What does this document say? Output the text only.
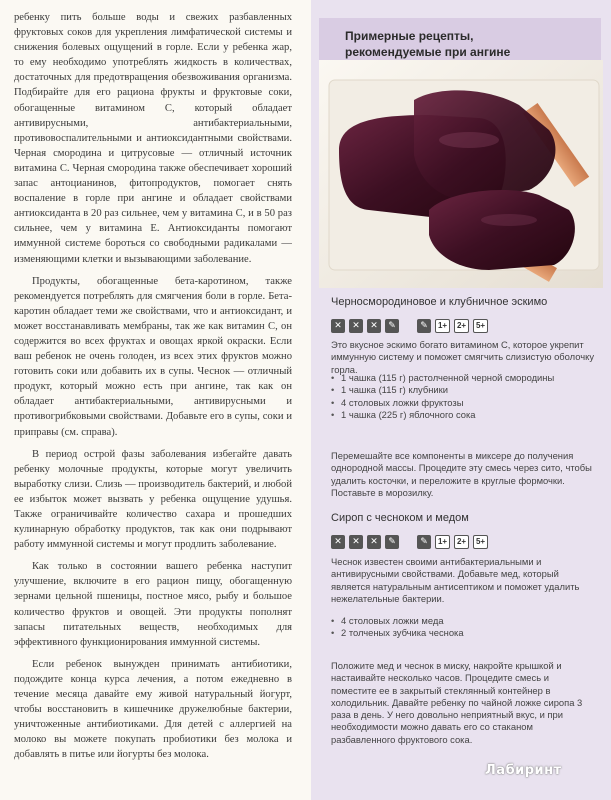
ребенку пить больше воды и свежих разбавленных фруктовых соков для укрепления лимфатической системы и снижения болевых ощущений в горле. Если у ребенка жар, то ему необходимо употреблять жидкость в количествах, достаточных для предотвращения обезвоживания организма. Подбирайте для его рациона фрукты и фруктовые соки, обогащенные витамином С, который обладает антивирусными, антибактериальными, противовоспалительными и антиоксидантными свойствами. Черная смородина и цитрусовые — отличный источник витамина С. Черная смородина также обеспечивает хороший запас антоцианинов, фитопродуктов, помогает снять воспаление в горле при ангине и обладает свойствами антиоксиданта в 20 раз сильнее, чем у витамина С, и в 50 раз сильнее, чем у витамина Е. Антиоксиданты помогают иммунной системе бороться со свободными радикалами — изменяющими клетки и вызывающими заболевание.

Продукты, обогащенные бета-каротином, также рекомендуется потреблять для смягчения боли в горле. Бета-каротин обладает теми же свойствами, что и антиоксидант, и может восстанавливать мембраны, так же как витамин С, он содержится во всех фруктах и овощах яркой окраски. Если ваш ребенок не очень голоден, из всех этих фруктов можно готовить соки или добавить их в супы. Чеснок — отличный продукт, который можно есть при ангине, так как он обладает антибактериальными, антивирусными и противогрибковыми свойствами. Добавьте его в супы, соки и приправы (см. справа).

В период острой фазы заболевания избегайте давать ребенку молочные продукты, которые могут увеличить выработку слизи. Слизь — производитель бактерий, и любой ее избыток может вызвать у ребенка ощущение удушья. Также ограничивайте количество сахара и прошедших кулинарную обработку продуктов, так как они подрывают работу иммунной системы и могут продлить заболевание.

Как только в состоянии вашего ребенка наступит улучшение, включите в его рацион пищу, обогащенную зернами цельной пшеницы, постное мясо, рыбу и большое количество фруктов и овощей. Эти продукты пополнят запасы питательных веществ, необходимых для эффективного функционирования иммунной системы.

Если ребенок вынужден принимать антибиотики, подождите конца курса лечения, а потом ежедневно в течение месяца давайте ему живой натуральный йогурт, чтобы восстановить в кишечнике дружелюбные бактерии, уничтоженные антибиотиками. Для детей с аллергией на молоко вы можете покупать пробиотики без молока и добавлять в питье или йогурты без молока.

Примерные рецепты,
рекомендуемые при ангине
Черносмородиновое и клубничное эскимо
✕	✕	✕	✎	✎	1+	2+	5+
Это вкусное эскимо богато витамином С, которое укрепит иммунную систему и поможет смягчить слизистую оболочку горла.
• 1 чашка (115 г) растолченной черной смородины
• 1 чашка (115 г) клубники
• 4 столовых ложки фруктозы
• 1 чашка (225 г) яблочного сока
Перемешайте все компоненты в миксере до получения однородной массы. Процедите эту смесь через сито, чтобы удалить косточки, и переложите в круглые формочки. Поставьте в морозилку.
Сироп с чесноком и медом
✕	✕	✕	✎	✎	1+	2+	5+
Чеснок известен своими антибактериальными и антивирусными свойствами. Добавьте мед, который является натуральным антисептиком и поможет удалить нежелательные бактерии.
• 4 столовых ложки меда
• 2 толченых зубчика чеснока
Положите мед и чеснок в миску, накройте крышкой и настаивайте несколько часов. Процедите смесь и поместите ее в закрытый стеклянный контейнер в холодильник. Давайте ребенку по чайной ложке сиропа 3 раза в день. У него довольно неприятный вкус, и при необходимости можно давать его со стаканом разбавленного фруктового сока.
Лабиринт
